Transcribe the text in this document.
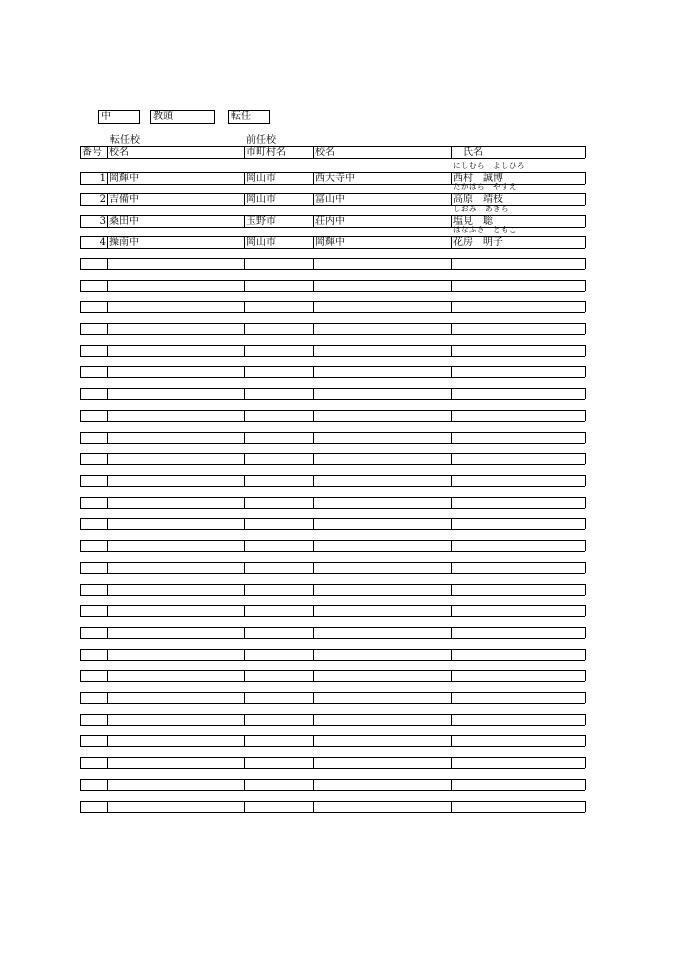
中	教頭	転任
転任校	前任校
番号 校名	市町村名	校名	　氏名
1 岡輝中	岡山市	西大寺中	西村　誠博
にしむら　よしひろ
2 吉備中	岡山市	富山中	高原　靖枝
たかはら　やすえ
3 桑田中	玉野市	荘内中	塩見　聡
しおみ　あきら
4 操南中	岡山市	岡輝中	花房　明子
はなふさ　ともこ
